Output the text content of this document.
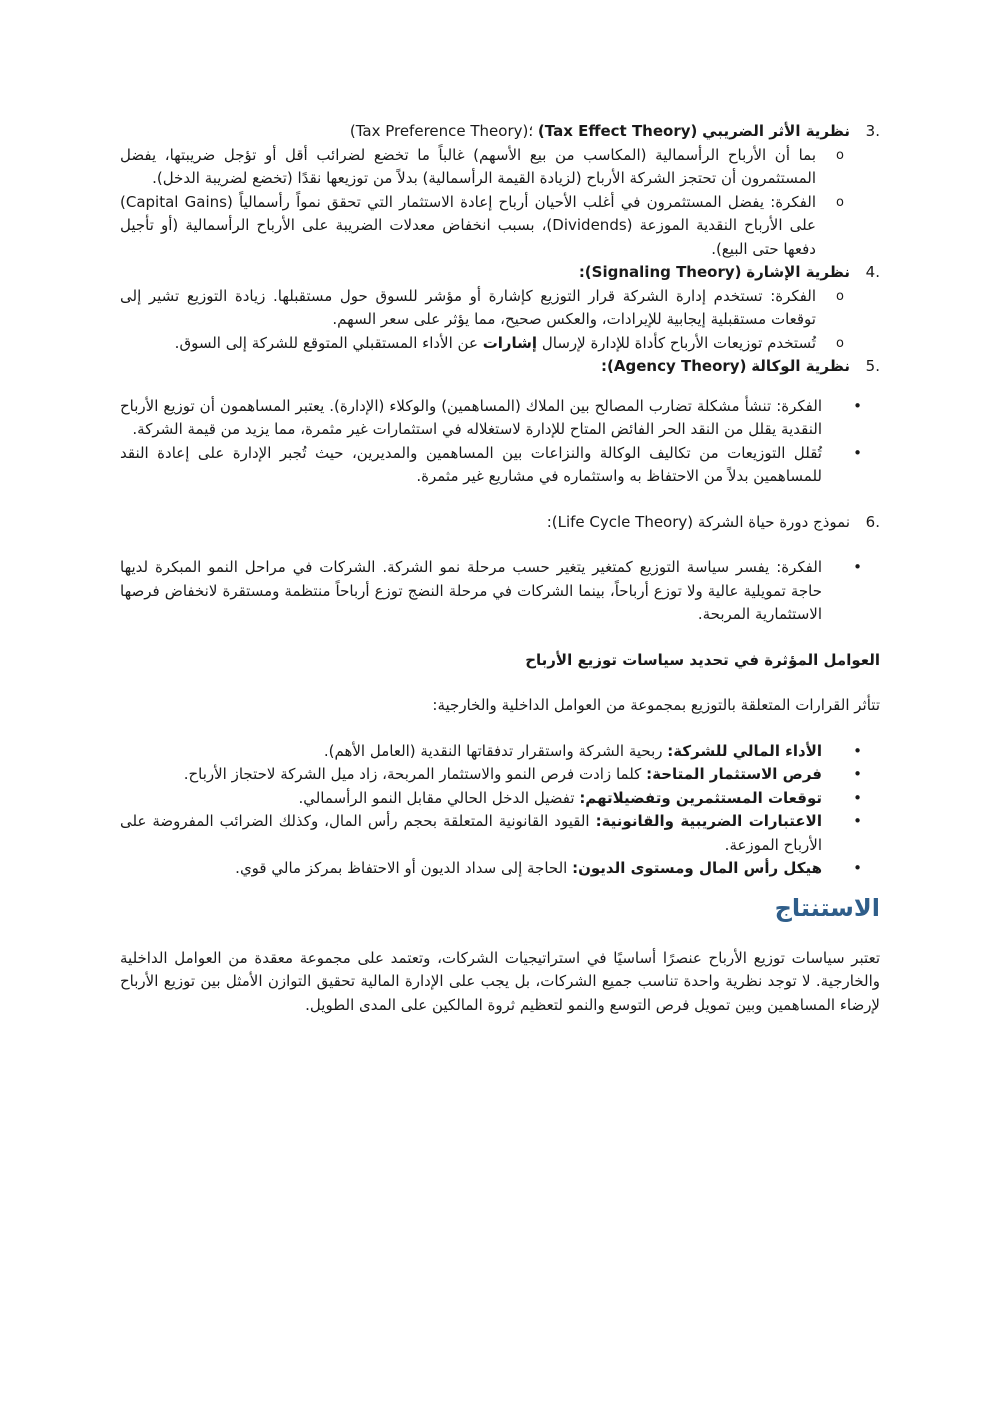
.3
نظرية الأثر الضريبي (Tax Effect Theory) (Tax Preference Theory)؛
o
بما أن الأرباح الرأسمالية (المكاسب من بيع الأسهم) غالباً ما تخضع لضرائب أقل أو تؤجل ضريبتها، يفضل المستثمرون أن تحتجز الشركة الأرباح (لزيادة القيمة الرأسمالية) بدلاً من توزيعها نقدًا (تخضع لضريبة الدخل).
o
الفكرة: يفضل المستثمرون في أغلب الأحيان أرباح إعادة الاستثمار التي تحقق نمواً رأسمالياً (Capital Gains) على الأرباح النقدية الموزعة (Dividends)، بسبب انخفاض معدلات الضريبة على الأرباح الرأسمالية (أو تأجيل دفعها حتى البيع).
.4
نظرية الإشارة (Signaling Theory):
o
الفكرة: تستخدم إدارة الشركة قرار التوزيع كإشارة أو مؤشر للسوق حول مستقبلها. زيادة التوزيع تشير إلى توقعات مستقبلية إيجابية للإيرادات، والعكس صحيح، مما يؤثر على سعر السهم.
o
تُستخدم توزيعات الأرباح كأداة للإدارة لإرسال إشارات عن الأداء المستقبلي المتوقع للشركة إلى السوق.
.5
نظرية الوكالة (Agency Theory):
•
الفكرة: تنشأ مشكلة تضارب المصالح بين الملاك (المساهمين) والوكلاء (الإدارة). يعتبر المساهمون أن توزيع الأرباح النقدية يقلل من النقد الحر الفائض المتاح للإدارة لاستغلاله في استثمارات غير مثمرة، مما يزيد من قيمة الشركة.
•
تُقلل التوزيعات من تكاليف الوكالة والنزاعات بين المساهمين والمديرين، حيث تُجبر الإدارة على إعادة النقد للمساهمين بدلاً من الاحتفاظ به واستثماره في مشاريع غير مثمرة.
.6
نموذج دورة حياة الشركة (Life Cycle Theory):
•
الفكرة: يفسر سياسة التوزيع كمتغير يتغير حسب مرحلة نمو الشركة. الشركات في مراحل النمو المبكرة لديها حاجة تمويلية عالية ولا توزع أرباحاً، بينما الشركات في مرحلة النضج توزع أرباحاً منتظمة ومستقرة لانخفاض فرصها الاستثمارية المربحة.

العوامل المؤثرة في تحديد سياسات توزيع الأرباح

تتأثر القرارات المتعلقة بالتوزيع بمجموعة من العوامل الداخلية والخارجية:

•
الأداء المالي للشركة: ربحية الشركة واستقرار تدفقاتها النقدية (العامل الأهم).
•
فرص الاستثمار المتاحة: كلما زادت فرص النمو والاستثمار المربحة، زاد ميل الشركة لاحتجاز الأرباح.
•
توقعات المستثمرين وتفضيلاتهم: تفضيل الدخل الحالي مقابل النمو الرأسمالي.
•
الاعتبارات الضريبية والقانونية: القيود القانونية المتعلقة بحجم رأس المال، وكذلك الضرائب المفروضة على الأرباح الموزعة.
•
هيكل رأس المال ومستوى الديون: الحاجة إلى سداد الديون أو الاحتفاظ بمركز مالي قوي.
الاستنتاج

تعتبر سياسات توزيع الأرباح عنصرًا أساسيًا في استراتيجيات الشركات، وتعتمد على مجموعة معقدة من العوامل الداخلية والخارجية. لا توجد نظرية واحدة تناسب جميع الشركات، بل يجب على الإدارة المالية تحقيق التوازن الأمثل بين توزيع الأرباح لإرضاء المساهمين وبين تمويل فرص التوسع والنمو لتعظيم ثروة المالكين على المدى الطويل.
